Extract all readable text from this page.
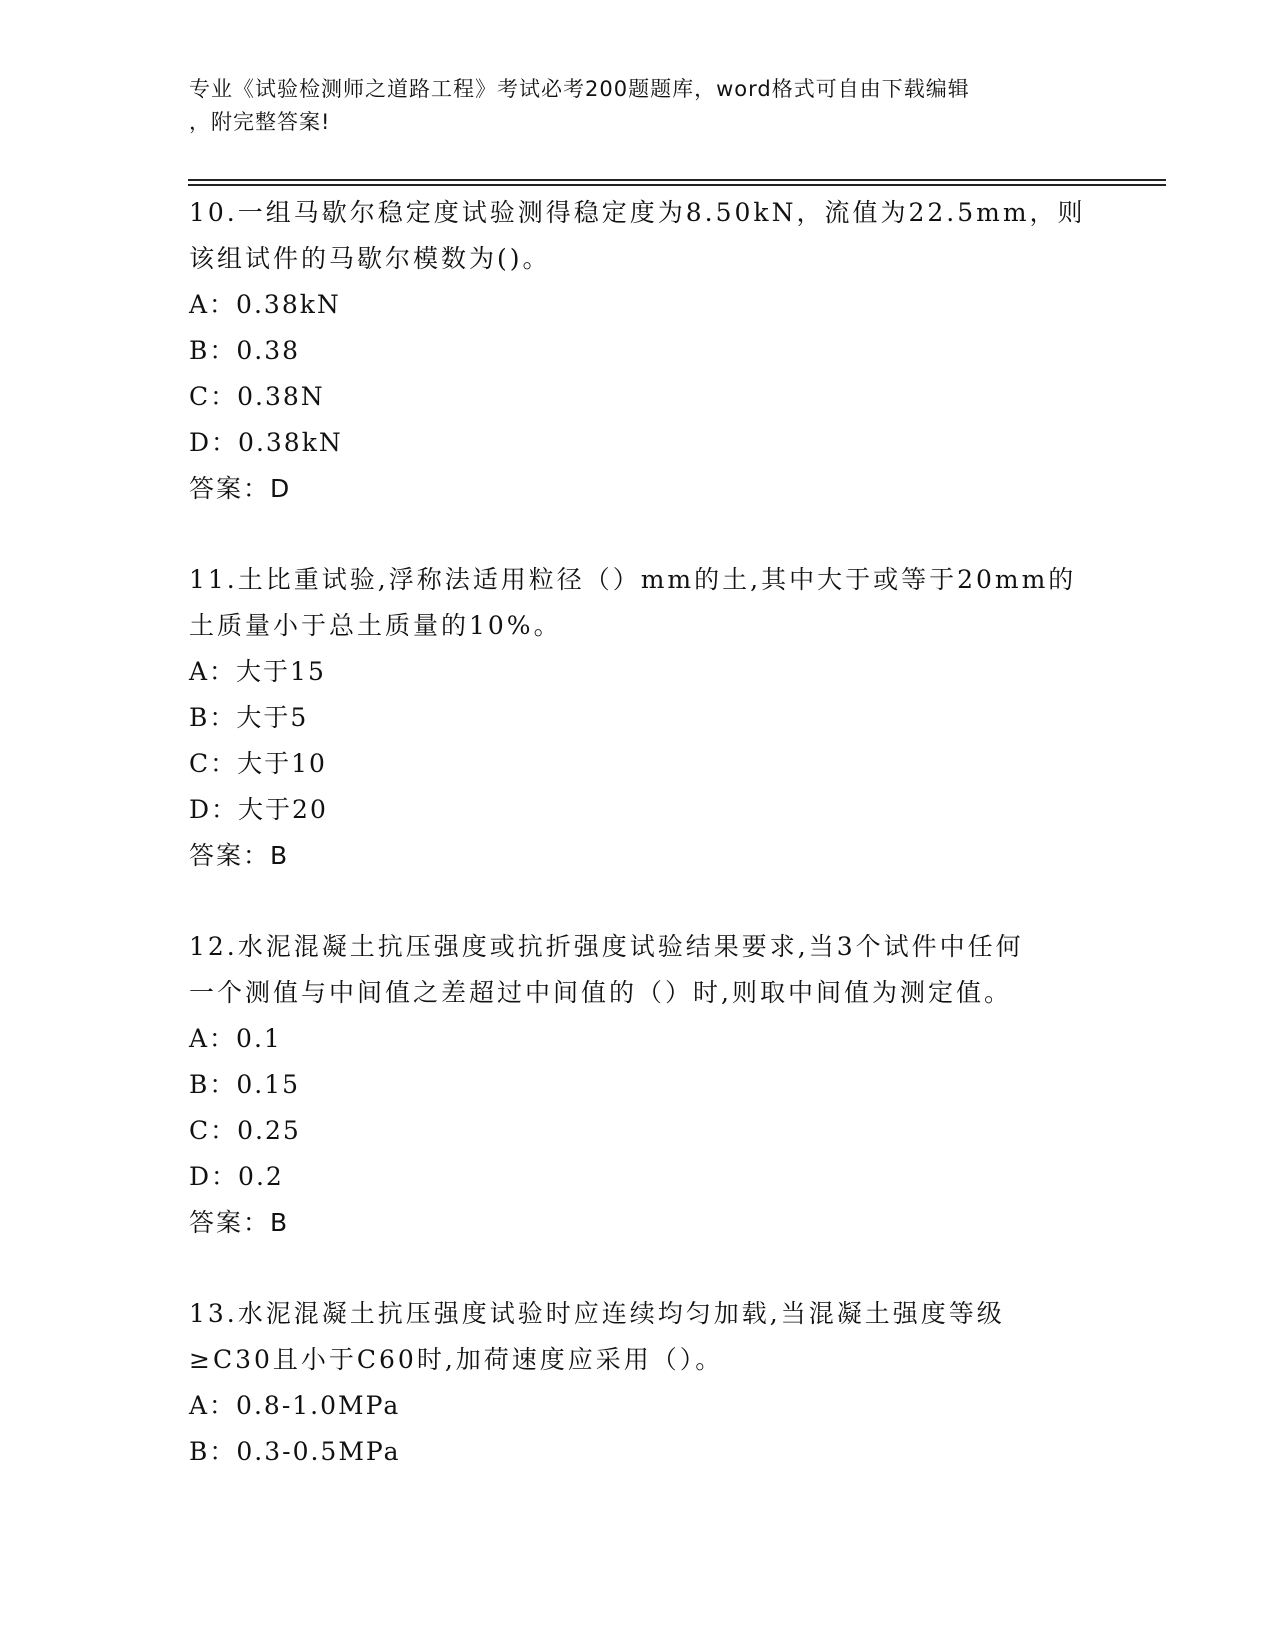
专业《试验检测师之道路工程》考试必考200题题库，word格式可自由下载编辑
，附完整答案!
10.一组马歇尔稳定度试验测得稳定度为8.50kN，流值为22.5mm，则
该组试件的马歇尔模数为()。
A：0.38kN
B：0.38
C：0.38N
D：0.38kN
答案：D
11.土比重试验,浮称法适用粒径（）mm的土,其中大于或等于20mm的
土质量小于总土质量的10%。
A：大于15
B：大于5
C：大于10
D：大于20
答案：B
12.水泥混凝土抗压强度或抗折强度试验结果要求,当3个试件中任何
一个测值与中间值之差超过中间值的（）时,则取中间值为测定值。
A：0.1
B：0.15
C：0.25
D：0.2
答案：B
13.水泥混凝土抗压强度试验时应连续均匀加载,当混凝土强度等级
≥C30且小于C60时,加荷速度应采用（）。
A：0.8-1.0MPa
B：0.3-0.5MPa
